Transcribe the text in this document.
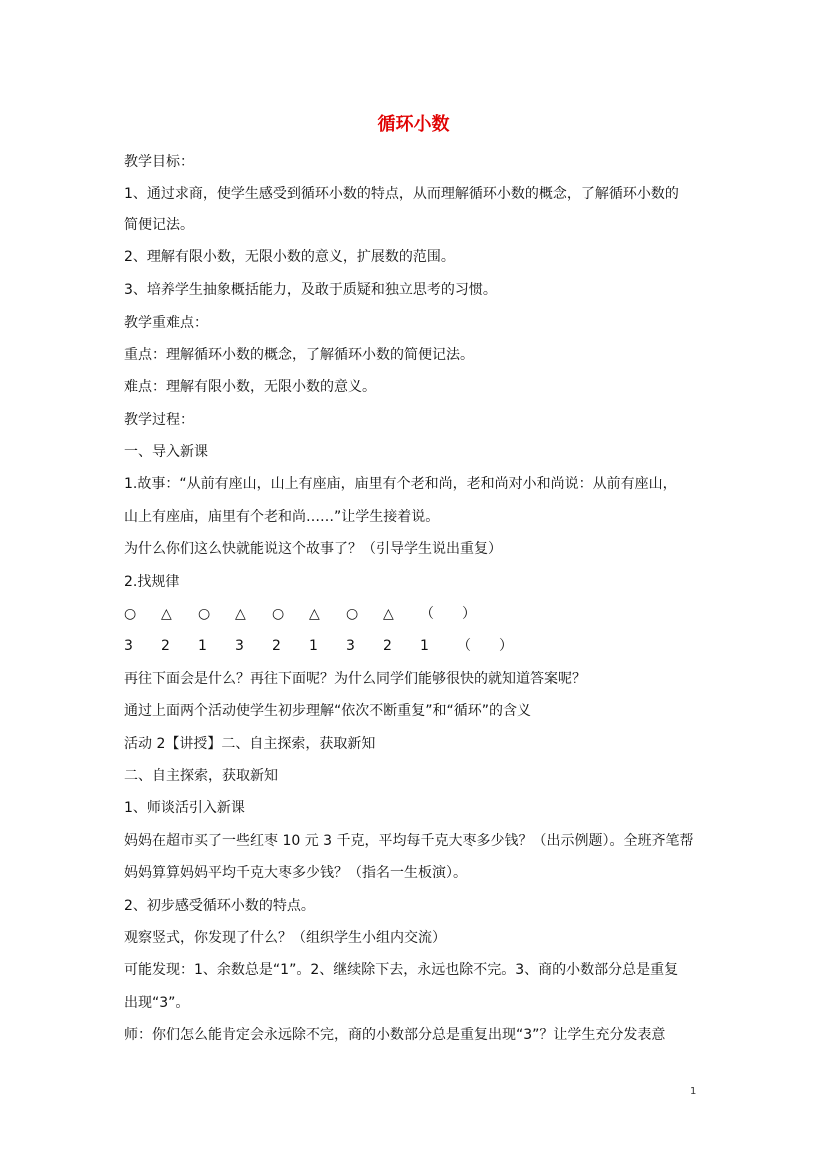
循环小数
教学目标：
1、通过求商，使学生感受到循环小数的特点，从而理解循环小数的概念，了解循环小数的
简便记法。
2、理解有限小数，无限小数的意义，扩展数的范围。
3、培养学生抽象概括能力，及敢于质疑和独立思考的习惯。
教学重难点：
重点：理解循环小数的概念，了解循环小数的简便记法。
难点：理解有限小数，无限小数的意义。
教学过程：
一、导入新课
1.故事：“从前有座山，山上有座庙，庙里有个老和尚，老和尚对小和尚说：从前有座山，
山上有座庙，庙里有个老和尚……”让学生接着说。
为什么你们这么快就能说这个故事了？（引导学生说出重复）
2.找规律
○ △ ○ △ ○ △ ○ △ （　　）
3 2 1 3 2 1 3 2 1 （　　）
再往下面会是什么？再往下面呢？为什么同学们能够很快的就知道答案呢？
通过上面两个活动使学生初步理解“依次不断重复”和“循环”的含义
活动 2【讲授】二、自主探索，获取新知
二、自主探索，获取新知
1、师谈活引入新课
妈妈在超市买了一些红枣 10 元 3 千克，平均每千克大枣多少钱？（出示例题）。全班齐笔帮
妈妈算算妈妈平均千克大枣多少钱？（指名一生板演）。
2、初步感受循环小数的特点。
观察竖式，你发现了什么？（组织学生小组内交流）
可能发现：1、余数总是“1”。2、继续除下去，永远也除不完。3、商的小数部分总是重复
出现“3”。
师：你们怎么能肯定会永远除不完，商的小数部分总是重复出现“3”？让学生充分发表意
1
